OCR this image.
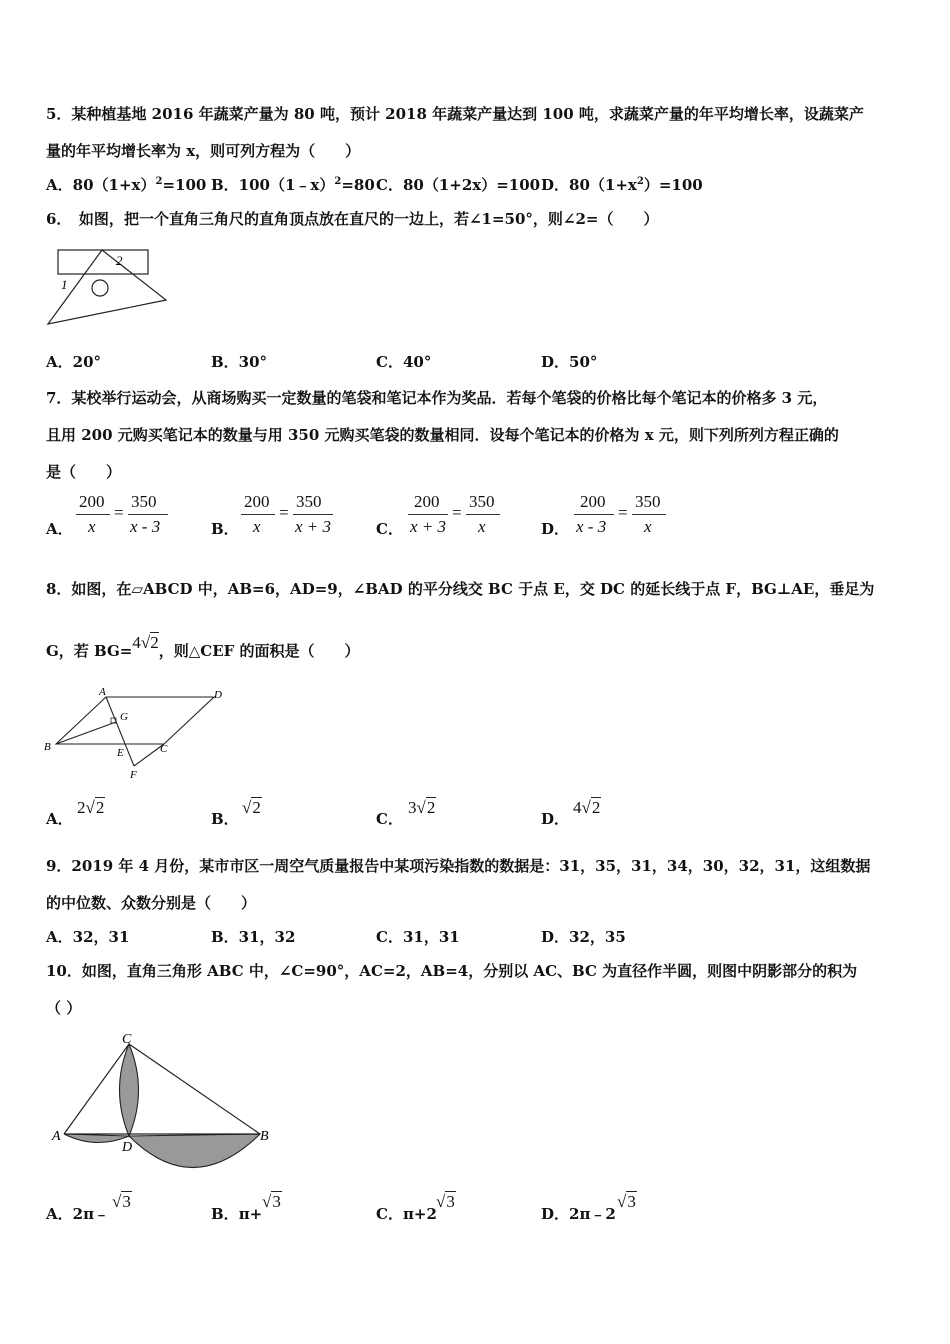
5．某种植基地 2016 年蔬菜产量为 80 吨，预计 2018 年蔬菜产量达到 100 吨，求蔬菜产量的年平均增长率，设蔬菜产
量的年平均增长率为 x，则可列方程为（　　）
A．$80(1+x)^2=100$ B．100（1﹣x）$^2$=80 C．80（1+2x）=100 D．$80(1+x^2)=100$
6．　如图，把一个直角三角尺的直角顶点放在直尺的一边上，若∠1=50°，则∠2=（　　）
1
2
A．20°	B．30°	C．40°	D．50°
7．某校举行运动会，从商场购买一定数量的笔袋和笔记本作为奖品．若每个笔袋的价格比每个笔记本的价格多 3 元，
且用 200 元购买笔记本的数量与用 350 元购买笔袋的数量相同．设每个笔记本的价格为 x 元，则下列所列方程正确的
是（　　）
A．
200
x
=
350
x - 3	B．
200
x
=
350
x + 3	C．
200
x + 3
=
350
x	D．
200
x - 3
=
350
x
8．如图，在▱ABCD 中，AB=6，AD=9，∠BAD 的平分线交 BC 于点 E，交 DC 的延长线于点 F，BG⊥AE，垂足为
G，若 BG=4√2，则△CEF 的面积是（　　）
A	D
G
B	E	C
F
A．
2√2
B．
√2
C．
3√2
D．
4√2
9．2019 年 4 月份，某市市区一周空气质量报告中某项污染指数的数据是：31，35，31，34，30，32，31，这组数据
的中位数、众数分别是（　　）
A．32，31	B．31，32	C．31，31	D．32，35
10．如图，直角三角形 ABC 中，∠C=90°，AC=2，AB=4，分别以 AC、BC 为直径作半圆，则图中阴影部分的积为
（ ）
C
A
D
B
A．2π﹣
√3
B．π+
√3
C．π+2
√3
D．2π﹣2
√3
